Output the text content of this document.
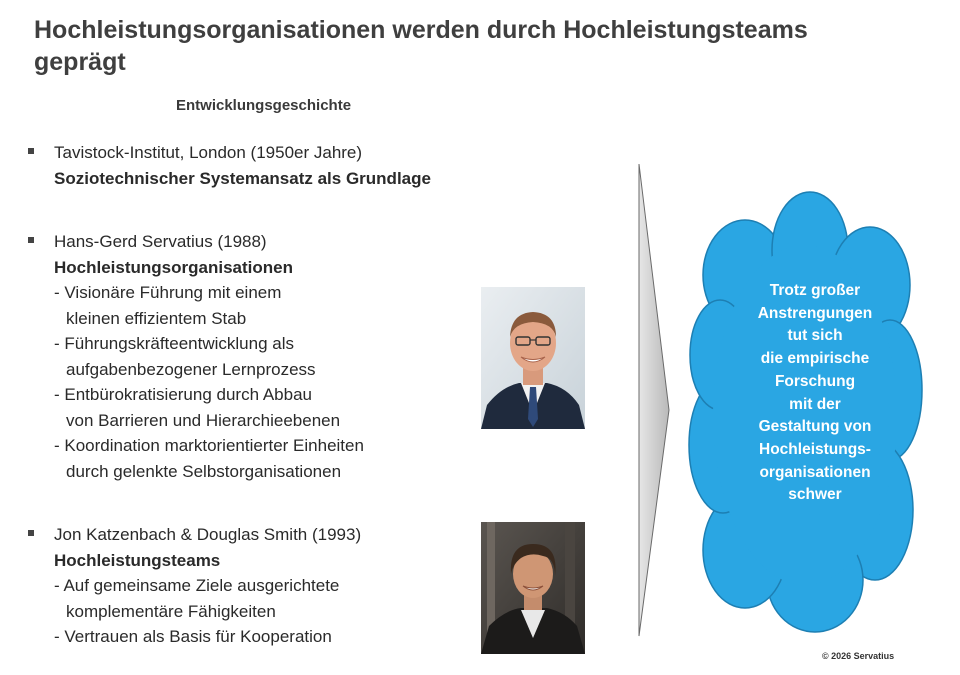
Hochleistungsorganisationen werden durch Hochleistungsteams
geprägt
Entwicklungsgeschichte
Tavistock-Institut, London (1950er Jahre)
Soziotechnischer Systemansatz als Grundlage
Hans-Gerd Servatius (1988)
Hochleistungsorganisationen
- Visionäre Führung mit einem
kleinen effizientem Stab
- Führungskräfteentwicklung als
aufgabenbezogener Lernprozess
- Entbürokratisierung durch Abbau
von Barrieren und Hierarchieebenen
- Koordination marktorientierter Einheiten
durch gelenkte Selbstorganisationen
Jon Katzenbach & Douglas Smith (1993)
Hochleistungsteams
- Auf gemeinsame Ziele ausgerichtete
komplementäre Fähigkeiten
- Vertrauen als Basis für Kooperation
Trotz großer
Anstrengungen
tut sich
die empirische
Forschung
mit der
Gestaltung von
Hochleistungs-
organisationen
schwer
© 2026 Servatius
